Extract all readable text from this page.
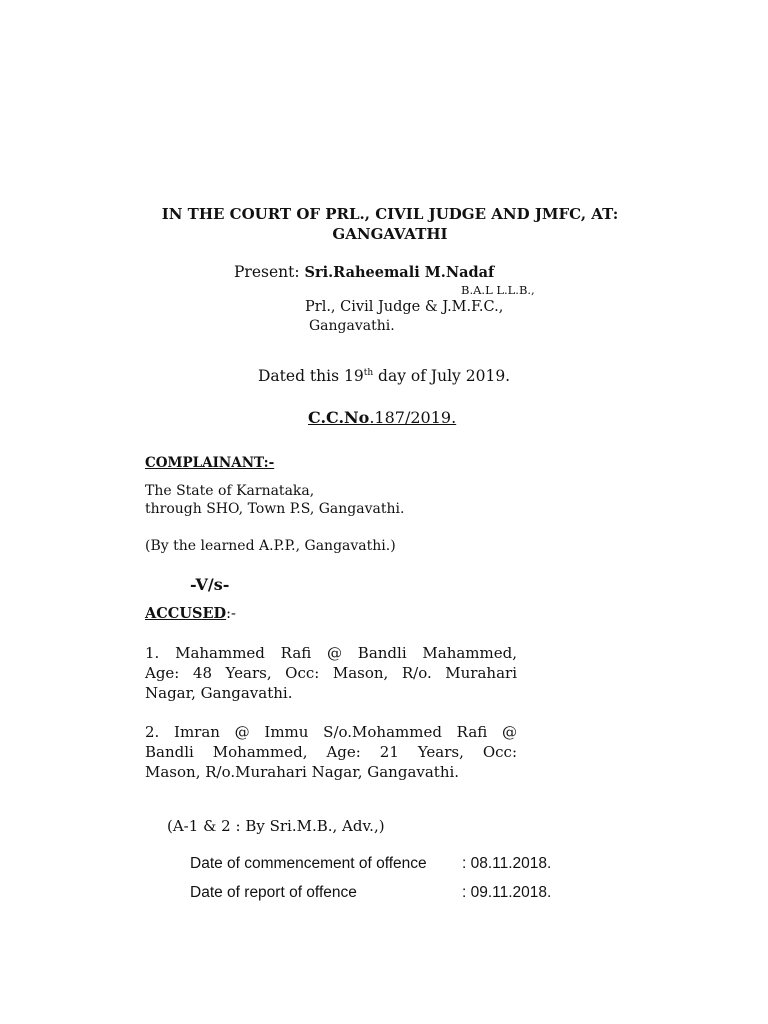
IN THE COURT OF PRL., CIVIL JUDGE AND JMFC, AT:
GANGAVATHI
Present: Sri.Raheemali M.Nadaf
B.A.L L.L.B.,
Prl., Civil Judge & J.M.F.C.,
Gangavathi.
Dated this 19th day of July 2019.
C.C.No.187/2019.
COMPLAINANT:-
The State of Karnataka,
through SHO, Town P.S, Gangavathi.
(By the learned A.P.P., Gangavathi.)
-V/s-
ACCUSED:-
1. Mahammed Rafi @ Bandli Mahammed,
Age: 48 Years, Occ: Mason, R/o. Murahari
Nagar, Gangavathi.
2. Imran @ Immu S/o.Mohammed Rafi @
Bandli Mohammed, Age: 21 Years, Occ:
Mason, R/o.Murahari Nagar, Gangavathi.
(A-1 & 2 : By Sri.M.B., Adv.,)
Date of commencement of offence : 08.11.2018.
Date of report of offence	: 09.11.2018.
